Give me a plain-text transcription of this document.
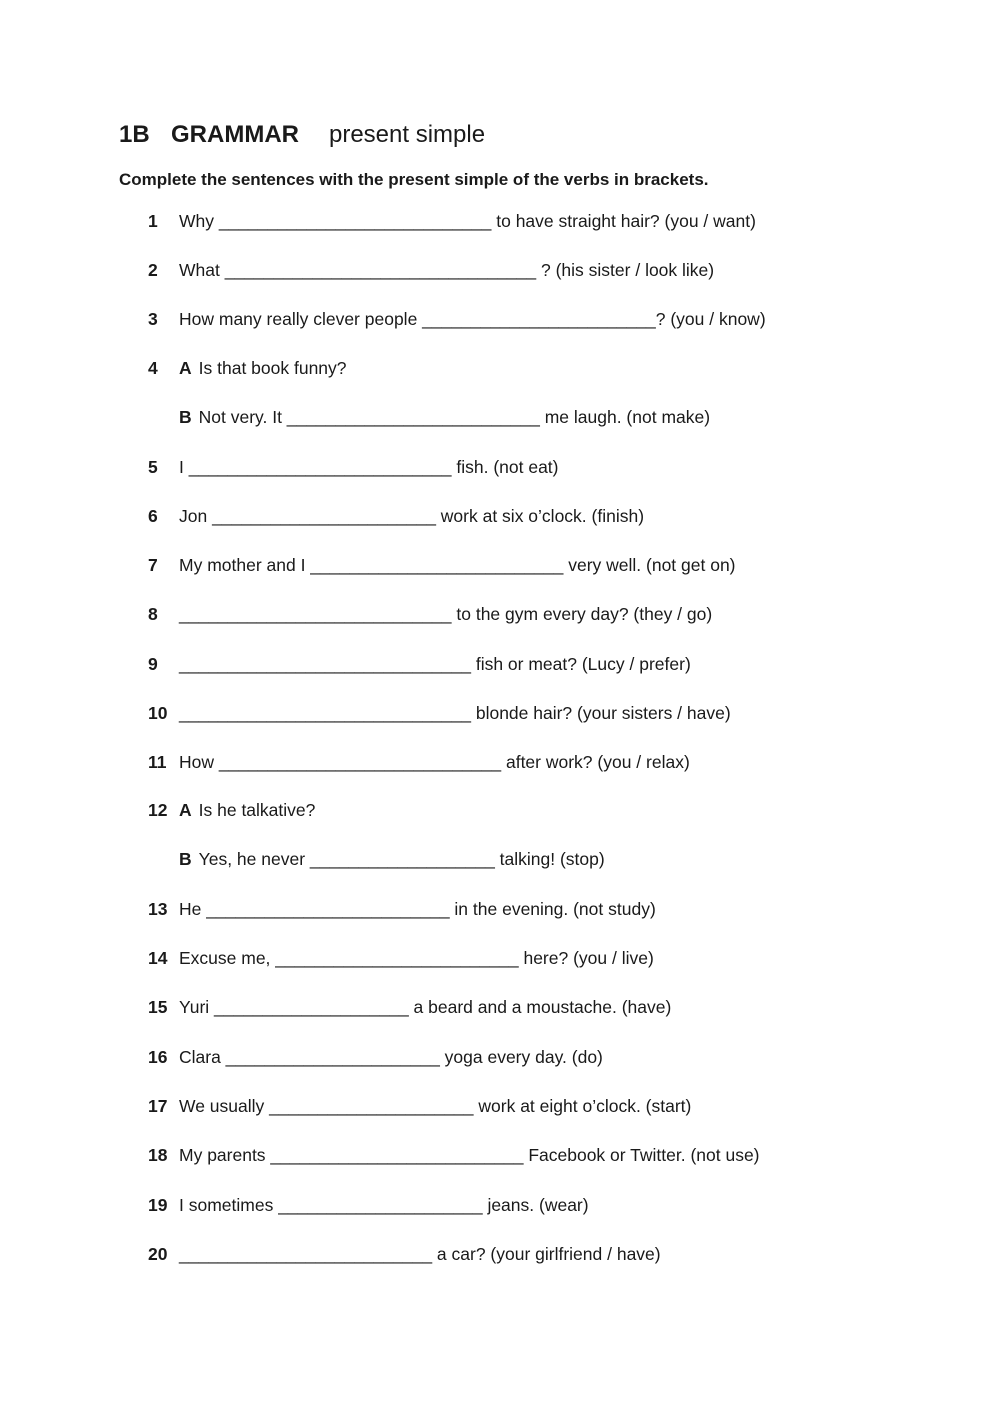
1B GRAMMAR present simple
Complete the sentences with the present simple of the verbs in brackets.
1 Why ____________________________ to have straight hair? (you / want)
2 What ________________________________ ? (his sister / look like)
3 How many really clever people ________________________? (you / know)
4 A Is that book funny?
B Not very. It __________________________ me laugh. (not make)
5 I ___________________________ fish. (not eat)
6 Jon _______________________ work at six o’clock. (finish)
7 My mother and I __________________________ very well. (not get on)
8 ____________________________ to the gym every day? (they / go)
9 ______________________________ fish or meat? (Lucy / prefer)
10 ______________________________ blonde hair? (your sisters / have)
11 How _____________________________ after work? (you / relax)
12 A Is he talkative?
B Yes, he never ___________________ talking! (stop)
13 He _________________________ in the evening. (not study)
14 Excuse me, _________________________ here? (you / live)
15 Yuri ____________________ a beard and a moustache. (have)
16 Clara ______________________ yoga every day. (do)
17 We usually _____________________ work at eight o’clock. (start)
18 My parents __________________________ Facebook or Twitter. (not use)
19 I sometimes _____________________ jeans. (wear)
20 __________________________ a car? (your girlfriend / have)
